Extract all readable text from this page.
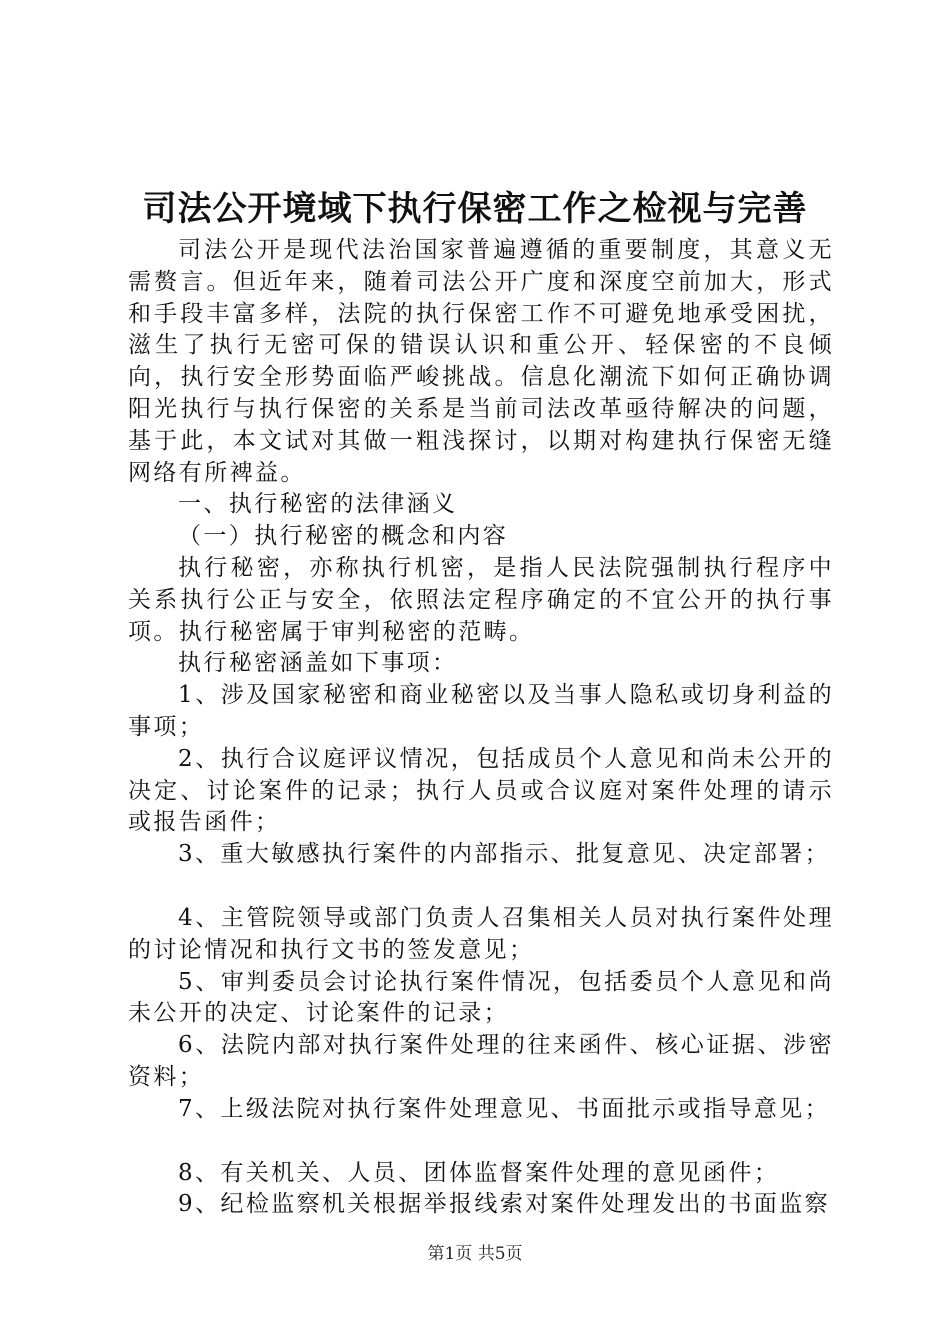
司法公开境域下执行保密工作之检视与完善

司法公开是现代法治国家普遍遵循的重要制度，其意义无需赘言。但近年来，随着司法公开广度和深度空前加大，形式和手段丰富多样，法院的执行保密工作不可避免地承受困扰，滋生了执行无密可保的错误认识和重公开、轻保密的不良倾向，执行安全形势面临严峻挑战。信息化潮流下如何正确协调阳光执行与执行保密的关系是当前司法改革亟待解决的问题，基于此，本文试对其做一粗浅探讨，以期对构建执行保密无缝网络有所裨益。

一、执行秘密的法律涵义

（一）执行秘密的概念和内容

执行秘密，亦称执行机密，是指人民法院强制执行程序中关系执行公正与安全，依照法定程序确定的不宜公开的执行事项。执行秘密属于审判秘密的范畴。

执行秘密涵盖如下事项：

1、涉及国家秘密和商业秘密以及当事人隐私或切身利益的事项；

2、执行合议庭评议情况，包括成员个人意见和尚未公开的决定、讨论案件的记录；执行人员或合议庭对案件处理的请示或报告函件；

3、重大敏感执行案件的内部指示、批复意见、决定部署；

4、主管院领导或部门负责人召集相关人员对执行案件处理的讨论情况和执行文书的签发意见；

5、审判委员会讨论执行案件情况，包括委员个人意见和尚未公开的决定、讨论案件的记录；

6、法院内部对执行案件处理的往来函件、核心证据、涉密资料；

7、上级法院对执行案件处理意见、书面批示或指导意见；

8、有关机关、人员、团体监督案件处理的意见函件；

9、纪检监察机关根据举报线索对案件处理发出的书面监察

第1页 共5页
